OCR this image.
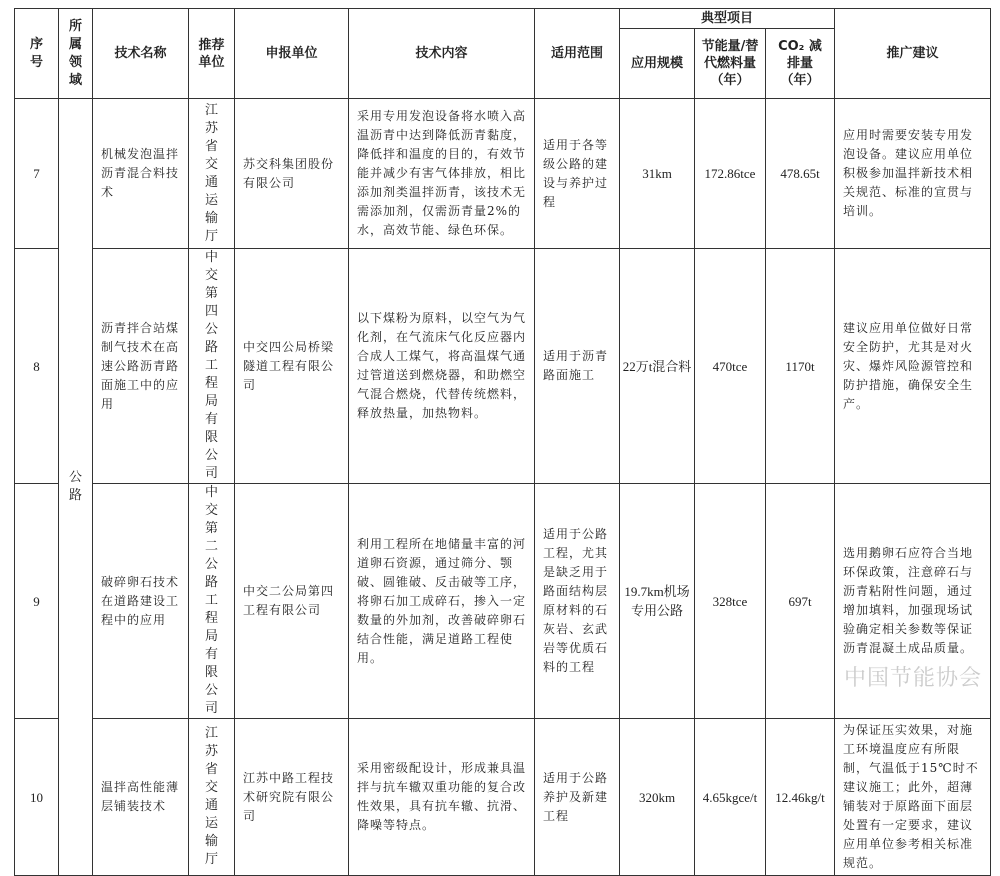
序号	所属领域	技术名称	推荐单位	申报单位	技术内容	适用范围	典型项目			推广建议
							应用规模	节能量/替代燃料量（年）	CO₂ 减排量（年）	

7	公路	机械发泡温拌沥青混合料技术	江苏省交通运输厅	苏交科集团股份有限公司	采用专用发泡设备将水喷入高温沥青中达到降低沥青黏度，降低拌和温度的目的，有效节能并减少有害气体排放，相比添加剂类温拌沥青，该技术无需添加剂，仅需沥青量2%的水，高效节能、绿色环保。	适用于各等级公路的建设与养护过程	31km	172.86tce	478.65t	应用时需要安装专用发泡设备。建议应用单位积极参加温拌新技术相关规范、标准的宣贯与培训。
8		沥青拌合站煤制气技术在高速公路沥青路面施工中的应用	中交第四公路工程局有限公司	中交四公局桥梁隧道工程有限公司	以下煤粉为原料，以空气为气化剂，在气流床气化反应器内合成人工煤气，将高温煤气通过管道送到燃烧器，和助燃空气混合燃烧，代替传统燃料，释放热量，加热物料。	适用于沥青路面施工	22万t混合料	470tce	1170t	建议应用单位做好日常安全防护，尤其是对火灾、爆炸风险源管控和防护措施，确保安全生产。
9		破碎卵石技术在道路建设工程中的应用	中交第二公路工程局有限公司	中交二公局第四工程有限公司	利用工程所在地储量丰富的河道卵石资源，通过筛分、颚破、圆锥破、反击破等工序，将卵石加工成碎石，掺入一定数量的外加剂，改善破碎卵石结合性能，满足道路工程使用。	适用于公路工程，尤其是缺乏用于路面结构层原材料的石灰岩、玄武岩等优质石料的工程	19.7km机场专用公路	328tce	697t	选用鹅卵石应符合当地环保政策，注意碎石与沥青粘附性问题，通过增加填料，加强现场试验确定相关参数等保证沥青混凝土成品质量。
10		温拌高性能薄层铺装技术	江苏省交通运输厅	江苏中路工程技术研究院有限公司	采用密级配设计，形成兼具温拌与抗车辙双重功能的复合改性效果，具有抗车辙、抗滑、降噪等特点。	适用于公路养护及新建工程	320km	4.65kgce/t	12.46kg/t	为保证压实效果，对施工环境温度应有所限制，气温低于15℃时不建议施工；此外，超薄铺装对于原路面下面层处置有一定要求，建议应用单位参考相关标准规范。
中国节能协会
